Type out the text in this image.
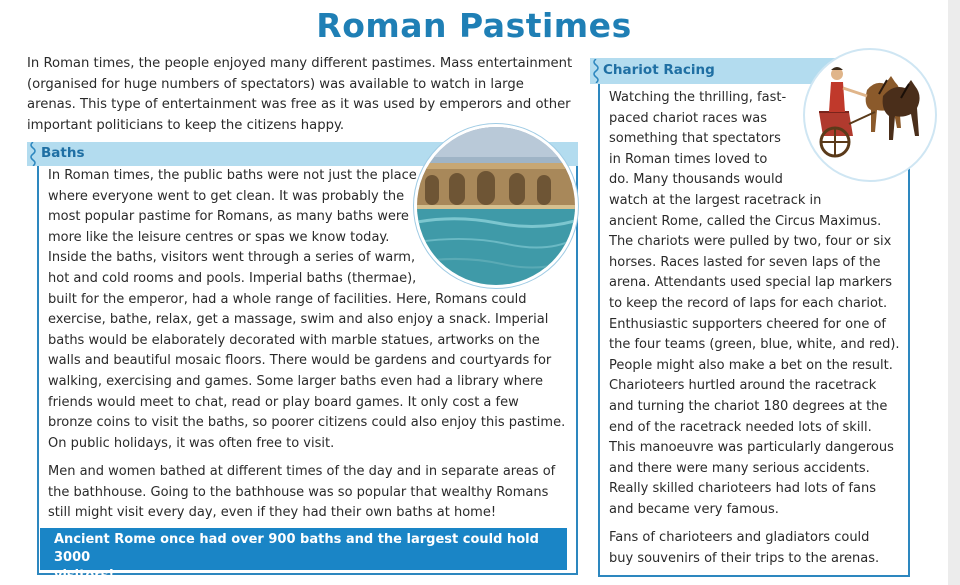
Roman Pastimes
In Roman times, the people enjoyed many different pastimes. Mass entertainment
(organised for huge numbers of spectators) was available to watch in large
arenas. This type of entertainment was free as it was used by emperors and other
important politicians to keep the citizens happy.
Baths
In Roman times, the public baths were not just the place
where everyone went to get clean. It was probably the
most popular pastime for Romans, as many baths were
more like the leisure centres or spas we know today.
Inside the baths, visitors went through a series of warm,
hot and cold rooms and pools. Imperial baths (thermae),
built for the emperor, had a whole range of facilities. Here, Romans could
exercise, bathe, relax, get a massage, swim and also enjoy a snack. Imperial
baths would be elaborately decorated with marble statues, artworks on the
walls and beautiful mosaic floors. There would be gardens and courtyards for
walking, exercising and games. Some larger baths even had a library where
friends would meet to chat, read or play board games. It only cost a few
bronze coins to visit the baths, so poorer citizens could also enjoy this pastime.
On public holidays, it was often free to visit.
Men and women bathed at different times of the day and in separate areas of
the bathhouse. Going to the bathhouse was so popular that wealthy Romans
still might visit every day, even if they had their own baths at home!
Ancient Rome once had over 900 baths and the largest could hold 3000
visitors!
Chariot Racing
Watching the thrilling, fast-
paced chariot races was
something that spectators
in Roman times loved to
do. Many thousands would
watch at the largest racetrack in
ancient Rome, called the Circus Maximus.
The chariots were pulled by two, four or six
horses. Races lasted for seven laps of the
arena. Attendants used special lap markers
to keep the record of laps for each chariot.
Enthusiastic supporters cheered for one of
the four teams (green, blue, white, and red).
People might also make a bet on the result.
Charioteers hurtled around the racetrack
and turning the chariot 180 degrees at the
end of the racetrack needed lots of skill.
This manoeuvre was particularly dangerous
and there were many serious accidents.
Really skilled charioteers had lots of fans
and became very famous.
Fans of charioteers and gladiators could
buy souvenirs of their trips to the arenas.
